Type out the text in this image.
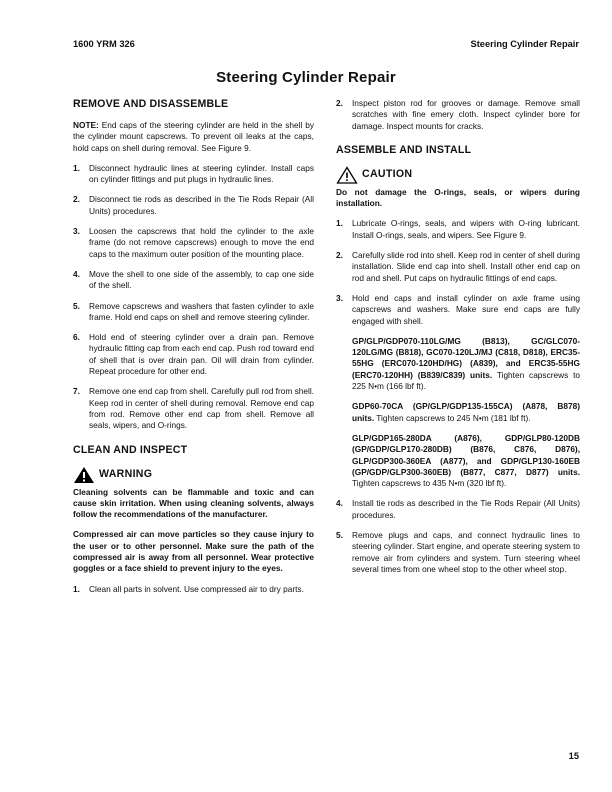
1600 YRM 326	Steering Cylinder Repair
Steering Cylinder Repair
REMOVE AND DISASSEMBLE

NOTE: End caps of the steering cylinder are held in the shell by the cylinder mount capscrews. To prevent oil leaks at the caps, hold caps on shell during removal. See Figure 9.

1. Disconnect hydraulic lines at steering cylinder. Install caps on cylinder fittings and put plugs in hydraulic lines.
2. Disconnect tie rods as described in the Tie Rods Repair (All Units) procedures.
3. Loosen the capscrews that hold the cylinder to the axle frame (do not remove capscrews) enough to move the end caps to the maximum outer position of the mounting place.
4. Move the shell to one side of the assembly, to cap one side of the shell.
5. Remove capscrews and washers that fasten cylinder to axle frame. Hold end caps on shell and remove steering cylinder.
6. Hold end of steering cylinder over a drain pan. Remove hydraulic fitting cap from each end cap. Push rod toward end of shell that is over drain pan. Oil will drain from cylinder. Repeat procedure for other end.
7. Remove one end cap from shell. Carefully pull rod from shell. Keep rod in center of shell during removal. Remove end cap from rod. Remove other end cap from shell. Remove all seals, wipers, and O-rings.
CLEAN AND INSPECT
WARNING

Cleaning solvents can be flammable and toxic and can cause skin irritation. When using cleaning solvents, always follow the recommendations of the manufacturer.

Compressed air can move particles so they cause injury to the user or to other personnel. Make sure the path of the compressed air is away from all personnel. Wear protective goggles or a face shield to prevent injury to the eyes.

1. Clean all parts in solvent. Use compressed air to dry parts.
2. Inspect piston rod for grooves or damage. Remove small scratches with fine emery cloth. Inspect cylinder bore for damage. Inspect mounts for cracks.
ASSEMBLE AND INSTALL
CAUTION

Do not damage the O-rings, seals, or wipers during installation.

1. Lubricate O-rings, seals, and wipers with O-ring lubricant. Install O-rings, seals, and wipers. See Figure 9.
2. Carefully slide rod into shell. Keep rod in center of shell during installation. Slide end cap into shell. Install other end cap on rod and shell. Put caps on hydraulic fittings of end caps.
3. Hold end caps and install cylinder on axle frame using capscrews and washers. Make sure end caps are fully engaged with shell.
GP/GLP/GDP070-110LG/MG (B813), GC/GLC070-120LG/MG (B818), GC070-120LJ/MJ (C818, D818), ERC35-55HG (ERC070-120HD/HG) (A839), and ERC35-55HG (ERC70-120HH) (B839/C839) units. Tighten capscrews to 225 N•m (166 lbf ft).
GDP60-70CA (GP/GLP/GDP135-155CA) (A878, B878) units. Tighten capscrews to 245 N•m (181 lbf ft).
GLP/GDP165-280DA (A876), GDP/GLP80-120DB (GP/GDP/GLP170-280DB) (B876, C876, D876), GLP/GDP300-360EA (A877), and GDP/GLP130-160EB (GP/GDP/GLP300-360EB) (B877, C877, D877) units. Tighten capscrews to 435 N•m (320 lbf ft).
4. Install tie rods as described in the Tie Rods Repair (All Units) procedures.
5. Remove plugs and caps, and connect hydraulic lines to steering cylinder. Start engine, and operate steering system to remove air from cylinders and system. Turn steering wheel several times from one wheel stop to the other wheel stop.
15
